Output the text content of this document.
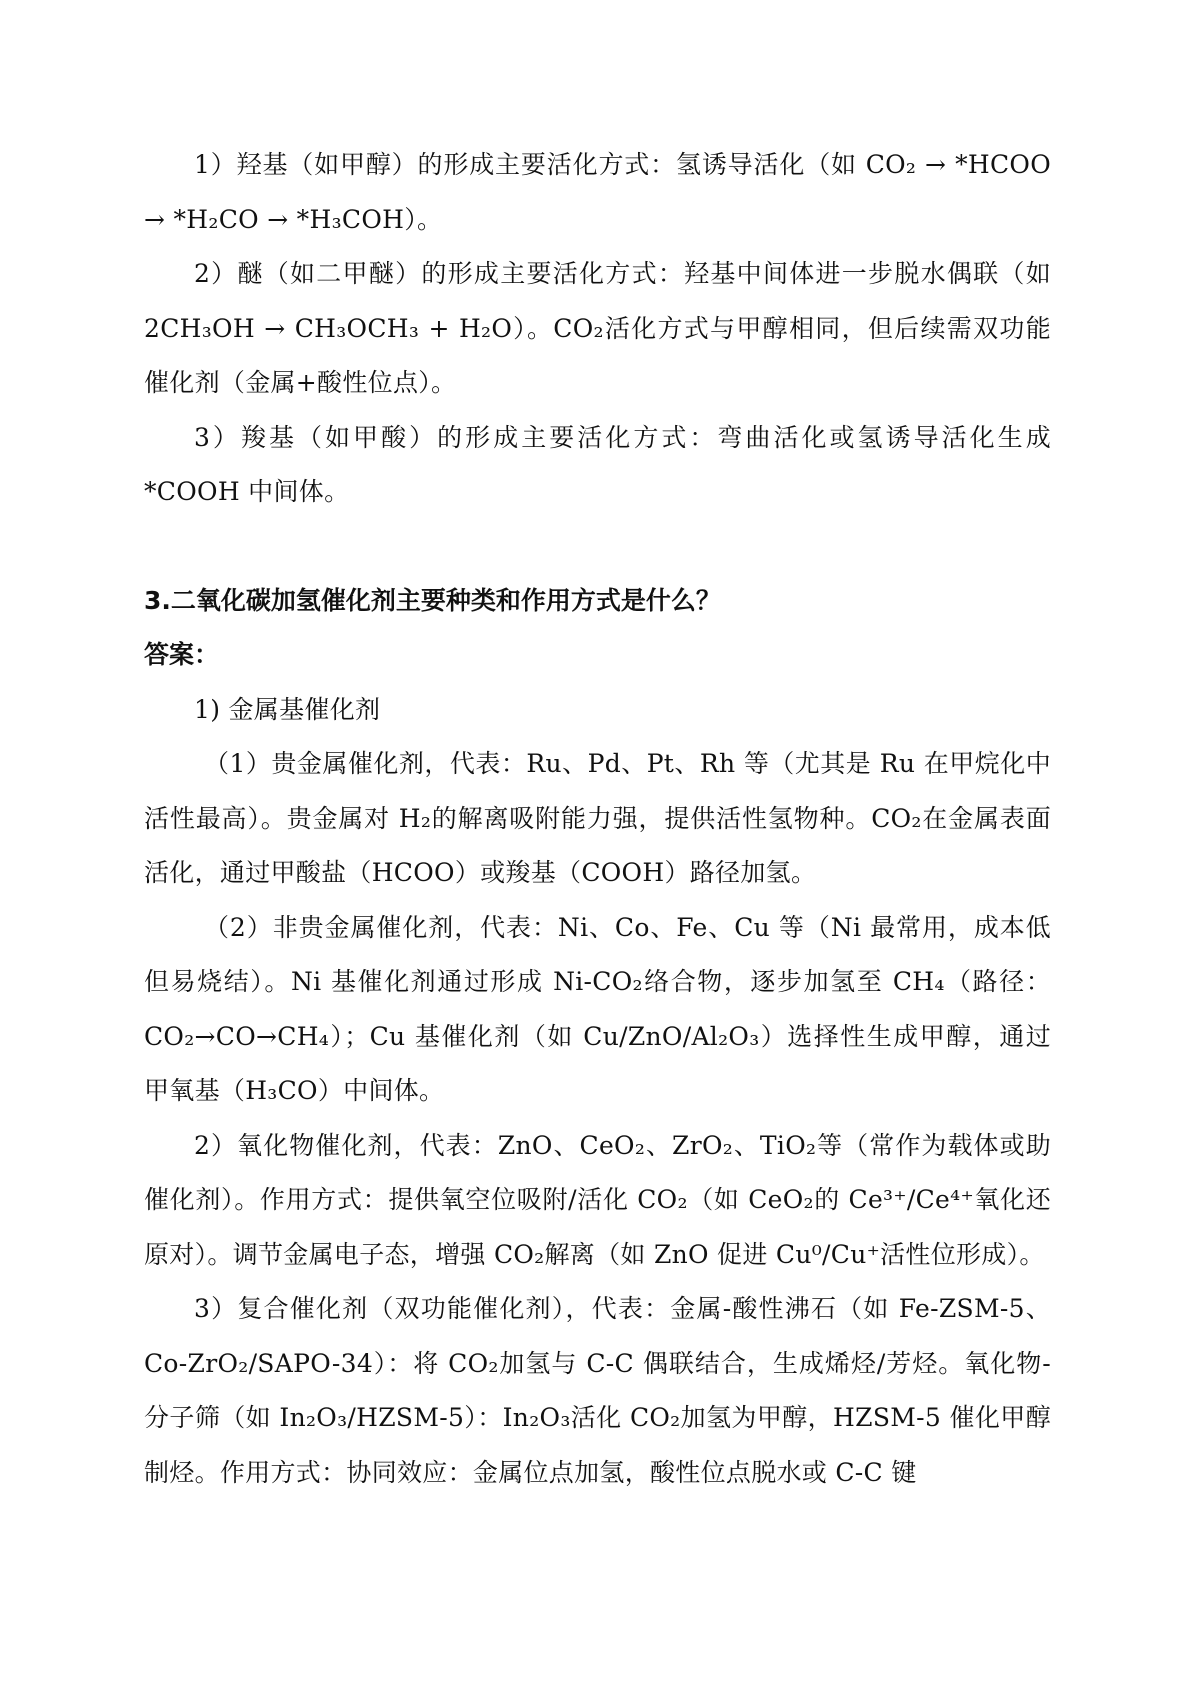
1）羟基（如甲醇）的形成主要活化方式：氢诱导活化（如 CO₂ → *HCOO → *H₂CO → *H₃COH）。

2）醚（如二甲醚）的形成主要活化方式：羟基中间体进一步脱水偶联（如 2CH₃OH → CH₃OCH₃ + H₂O）。CO₂活化方式与甲醇相同，但后续需双功能催化剂（金属+酸性位点）。

3）羧基（如甲酸）的形成主要活化方式：弯曲活化或氢诱导活化生成 *COOH 中间体。

3.二氧化碳加氢催化剂主要种类和作用方式是什么？

答案：

1) 金属基催化剂

（1）贵金属催化剂，代表：Ru、Pd、Pt、Rh 等（尤其是 Ru 在甲烷化中活性最高）。贵金属对 H₂的解离吸附能力强，提供活性氢物种。CO₂在金属表面活化，通过甲酸盐（HCOO）或羧基（COOH）路径加氢。

（2）非贵金属催化剂，代表：Ni、Co、Fe、Cu 等（Ni 最常用，成本低但易烧结）。Ni 基催化剂通过形成 Ni-CO₂络合物，逐步加氢至 CH₄（路径：CO₂→CO→CH₄）；Cu 基催化剂（如 Cu/ZnO/Al₂O₃）选择性生成甲醇，通过甲氧基（H₃CO）中间体。

2）氧化物催化剂，代表：ZnO、CeO₂、ZrO₂、TiO₂等（常作为载体或助催化剂）。作用方式：提供氧空位吸附/活化 CO₂（如 CeO₂的 Ce³⁺/Ce⁴⁺氧化还原对）。调节金属电子态，增强 CO₂解离（如 ZnO 促进 Cu⁰/Cu⁺活性位形成）。

3）复合催化剂（双功能催化剂），代表：金属-酸性沸石（如 Fe-ZSM-5、Co-ZrO₂/SAPO-34）：将 CO₂加氢与 C-C 偶联结合，生成烯烃/芳烃。氧化物-分子筛（如 In₂O₃/HZSM-5）：In₂O₃活化 CO₂加氢为甲醇，HZSM-5 催化甲醇制烃。作用方式：协同效应：金属位点加氢，酸性位点脱水或 C-C 键
